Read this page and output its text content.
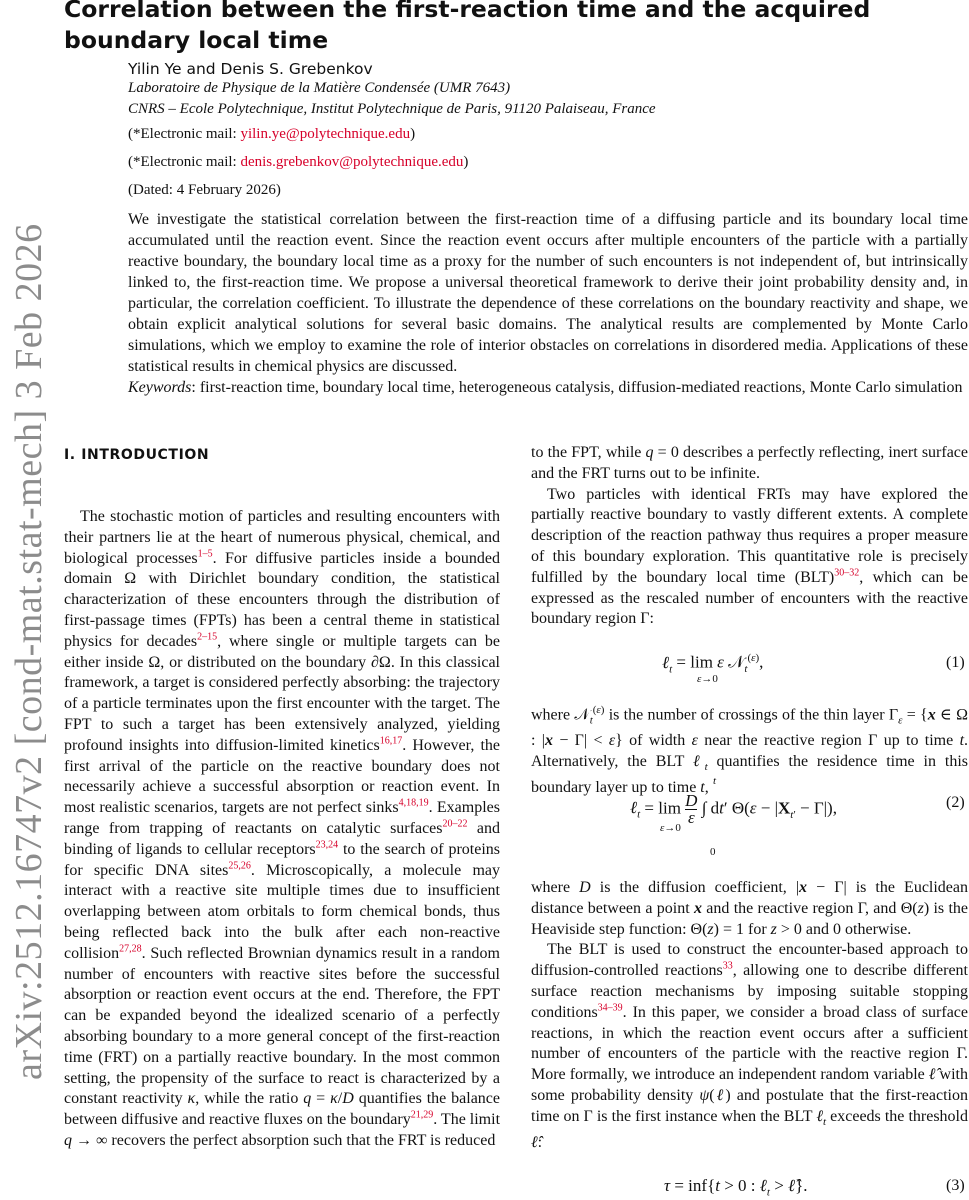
Correlation between the first-reaction time and the acquired boundary local time
Yilin Ye and Denis S. Grebenkov
Laboratoire de Physique de la Matière Condensée (UMR 7643)
CNRS – Ecole Polytechnique, Institut Polytechnique de Paris, 91120 Palaiseau, France
(*Electronic mail: yilin.ye@polytechnique.edu)
(*Electronic mail: denis.grebenkov@polytechnique.edu)
(Dated: 4 February 2026)

We investigate the statistical correlation between the first-reaction time of a diffusing particle and its boundary local time accumulated until the reaction event. Since the reaction event occurs after multiple encounters of the particle with a partially reactive boundary, the boundary local time as a proxy for the number of such encounters is not independent of, but intrinsically linked to, the first-reaction time. We propose a universal theoretical framework to derive their joint probability density and, in particular, the correlation coefficient. To illustrate the dependence of these correlations on the boundary reactivity and shape, we obtain explicit analytical solutions for several basic domains. The analytical results are complemented by Monte Carlo simulations, which we employ to examine the role of interior obstacles on correlations in disordered media. Applications of these statistical results in chemical physics are discussed.
Keywords: first-reaction time, boundary local time, heterogeneous catalysis, diffusion-mediated reactions, Monte Carlo simulation

arXiv:2512.16747v2 [cond-mat.stat-mech] 3 Feb 2026 I. INTRODUCTION

The stochastic motion of particles and resulting encounters with their partners lie at the heart of numerous physical, chemical, and biological processes$^{1-5}$. For diffusive particles inside a bounded domain Ω with Dirichlet boundary condition, the statistical characterization of these encounters through the distribution of first-passage times (FPTs) has been a central theme in statistical physics for decades$^{2-15}$, where single or multiple targets can be either inside Ω, or distributed on the boundary ∂Ω. In this classical framework, a target is considered perfectly absorbing: the trajectory of a particle terminates upon the first encounter with the target. The FPT to such a target has been extensively analyzed, yielding profound insights into diffusion-limited kinetics$^{16,17}$. However, the first arrival of the particle on the reactive boundary does not necessarily achieve a successful absorption or reaction event. In most realistic scenarios, targets are not perfect sinks$^{4,18,19}$. Examples range from trapping of reactants on catalytic surfaces$^{20-22}$ and binding of ligands to cellular receptors$^{23,24}$ to the search of proteins for specific DNA sites$^{25,26}$. Microscopically, a molecule may interact with a reactive site multiple times due to insufficient overlapping between atom orbitals to form chemical bonds, thus being reflected back into the bulk after each non-reactive collision$^{27,28}$. Such reflected Brownian dynamics result in a random number of encounters with reactive sites before the successful absorption or reaction event occurs at the end. Therefore, the FPT can be expanded beyond the idealized scenario of a perfectly absorbing boundary to a more general concept of the first-reaction time (FRT) on a partially reactive boundary. In the most common setting, the propensity of the surface to react is characterized by a constant reactivity κ, while the ratio q = κ/D quantifies the balance between diffusive and reactive fluxes on the boundary$^{21,29}$. The limit q → ∞ recovers the perfect absorption such that the FRT is reduced

to the FPT, while q = 0 describes a perfectly reflecting, inert surface and the FRT turns out to be infinite.

Two particles with identical FRTs may have explored the partially reactive boundary to vastly different extents. A complete description of the reaction pathway thus requires a proper measure of this boundary exploration. This quantitative role is precisely fulfilled by the boundary local time (BLT)$^{30-32}$, which can be expressed as the rescaled number of encounters with the reactive boundary region Γ:

ℓ$_t$ = lim ε 𝒩$_t^{(\varepsilon)}$,
ε→0
(1)

where 𝒩$_t^{(\varepsilon)}$ is the number of crossings of the thin layer $\Gamma_\varepsilon = \{x$ ∈ Ω : |x − Γ| < ε} of width ε near the reactive region Γ up to time t. Alternatively, the BLT ℓ$_t$ quantifies the residence time in this boundary layer up to time t,

ℓ$_t$ = $\lim \frac{D}{\varepsilon}$ ∫ dt′ $\Theta(\varepsilon - |X_{t'} - \Gamma|)$,
ε→0
t
0
(2)

where D is the diffusion coefficient, |x − Γ| is the Euclidean distance between a point x and the reactive region Γ, and Θ(z) is the Heaviside step function: Θ(z) = 1 for z > 0 and 0 otherwise.

The BLT is used to construct the encounter-based approach to diffusion-controlled reactions$^{33}$, allowing one to describe different surface reaction mechanisms by imposing suitable stopping conditions$^{34-39}$. In this paper, we consider a broad class of surface reactions, in which the reaction event occurs after a sufficient number of encounters of the particle with the reactive region Γ. More formally, we introduce an independent random variable ℓ̂ with some probability density ψ(ℓ) and postulate that the first-reaction time on Γ is the first instance when the BLT ℓ$_t$ exceeds the threshold ℓ̂:

τ = inf{t > 0 : ℓ$_t$ > ℓ̂}.	(3)
